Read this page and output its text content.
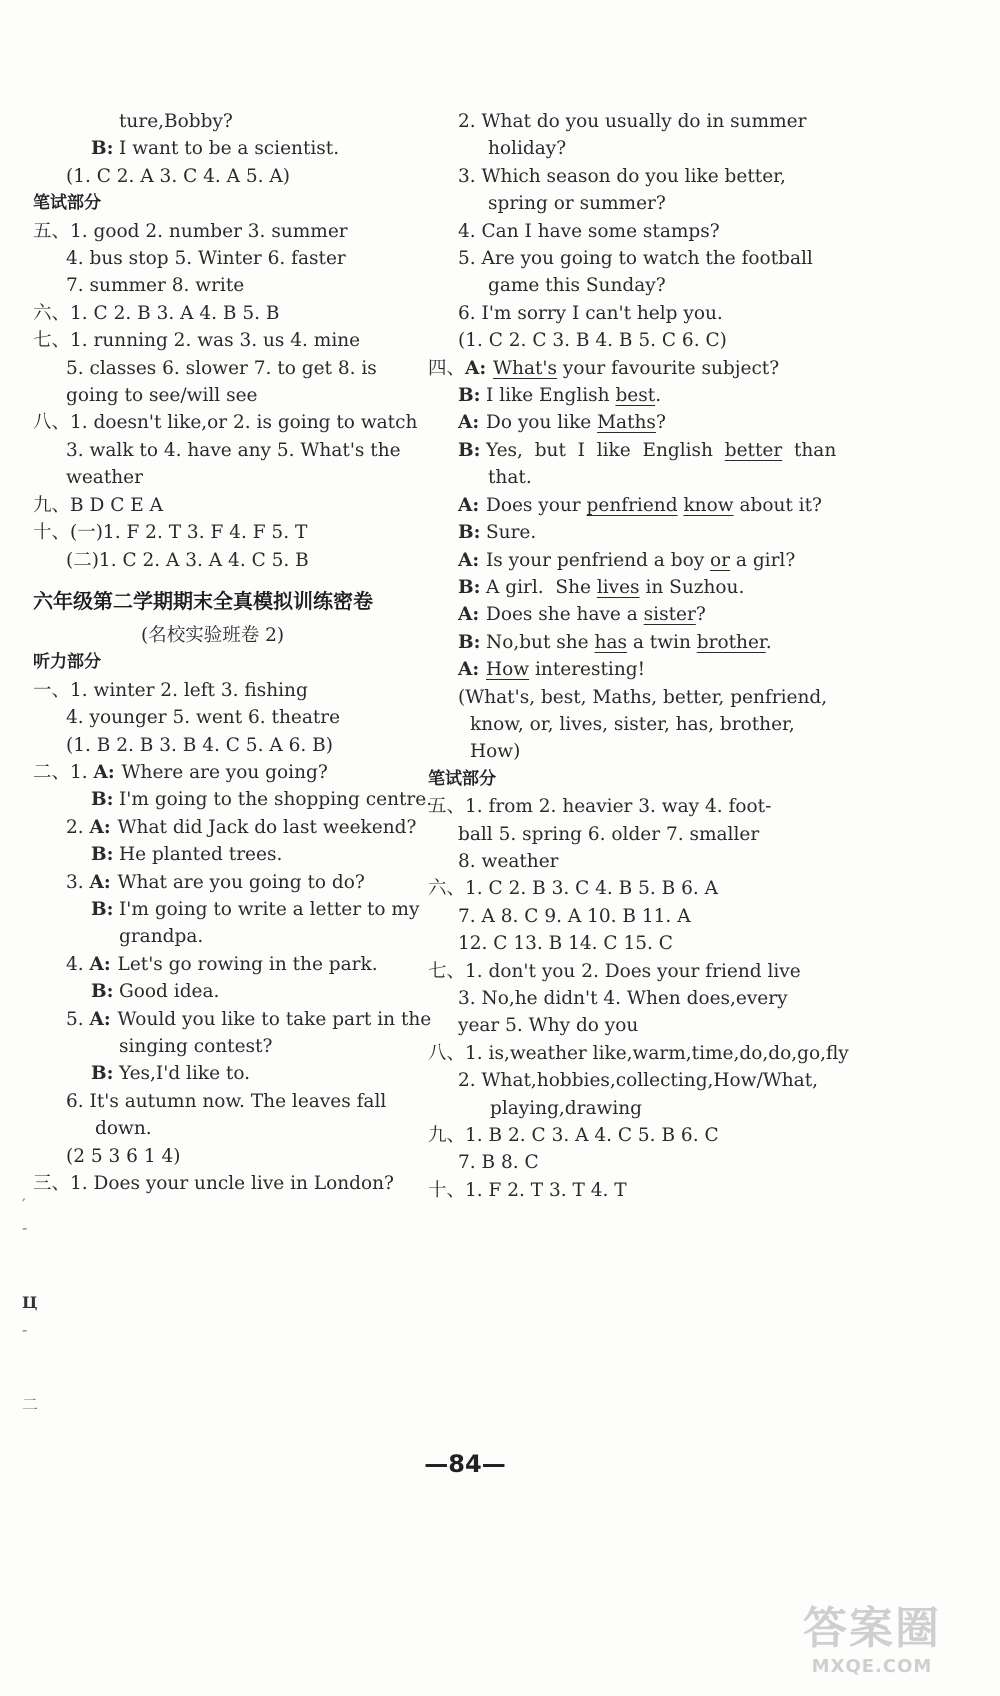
ture,Bobby?
B: I want to be a scientist.
(1. C 2. A 3. C 4. A 5. A)
笔试部分
五、1. good 2. number 3. summer
4. bus stop 5. Winter 6. faster
7. summer 8. write
六、1. C 2. B 3. A 4. B 5. B
七、1. running 2. was 3. us 4. mine
5. classes 6. slower 7. to get 8. is
going to see/will see
八、1. doesn't like,or 2. is going to watch
3. walk to 4. have any 5. What's the
weather
九、B D C E A
十、(一)1. F 2. T 3. F 4. F 5. T
(二)1. C 2. A 3. A 4. C 5. B
六年级第二学期期末全真模拟训练密卷
(名校实验班卷 2)
听力部分
一、1. winter 2. left 3. fishing
4. younger 5. went 6. theatre
(1. B 2. B 3. B 4. C 5. A 6. B)
二、1. A: Where are you going?
B: I'm going to the shopping centre.
2. A: What did Jack do last weekend?
B: He planted trees.
3. A: What are you going to do?
B: I'm going to write a letter to my
grandpa.
4. A: Let's go rowing in the park.
B: Good idea.
5. A: Would you like to take part in the
singing contest?
B: Yes,I'd like to.
6. It's autumn now. The leaves fall
down.
(2 5 3 6 1 4)
三、1. Does your uncle live in London?
2. What do you usually do in summer
holiday?
3. Which season do you like better,
spring or summer?
4. Can I have some stamps?
5. Are you going to watch the football
game this Sunday?
6. I'm sorry I can't help you.
(1. C 2. C 3. B 4. B 5. C 6. C)
四、A: What's your favourite subject?
B: I like English best.
A: Do you like Maths?
B: Yes,  but  I  like  English  better  than
that.
A: Does your penfriend know about it?
B: Sure.
A: Is your penfriend a boy or a girl?
B: A girl.  She lives in Suzhou.
A: Does she have a sister?
B: No,but she has a twin brother.
A: How interesting!
(What's, best, Maths, better, penfriend,
know, or, lives, sister, has, brother,
How)
笔试部分
五、1. from 2. heavier 3. way 4. foot-
ball 5. spring 6. older 7. smaller
8. weather
六、1. C 2. B 3. C 4. B 5. B 6. A
7. A 8. C 9. A 10. B 11. A
12. C 13. B 14. C 15. C
七、1. don't you 2. Does your friend live
3. No,he didn't 4. When does,every
year 5. Why do you
八、1. is,weather like,warm,time,do,do,go,fly
2. What,hobbies,collecting,How/What,
playing,drawing
九、1. B 2. C 3. A 4. C 5. B 6. C
7. B 8. C
十、1. F 2. T 3. T 4. T
′
-
Ц
-
二
—84—
答案圈
MXQE.COM
